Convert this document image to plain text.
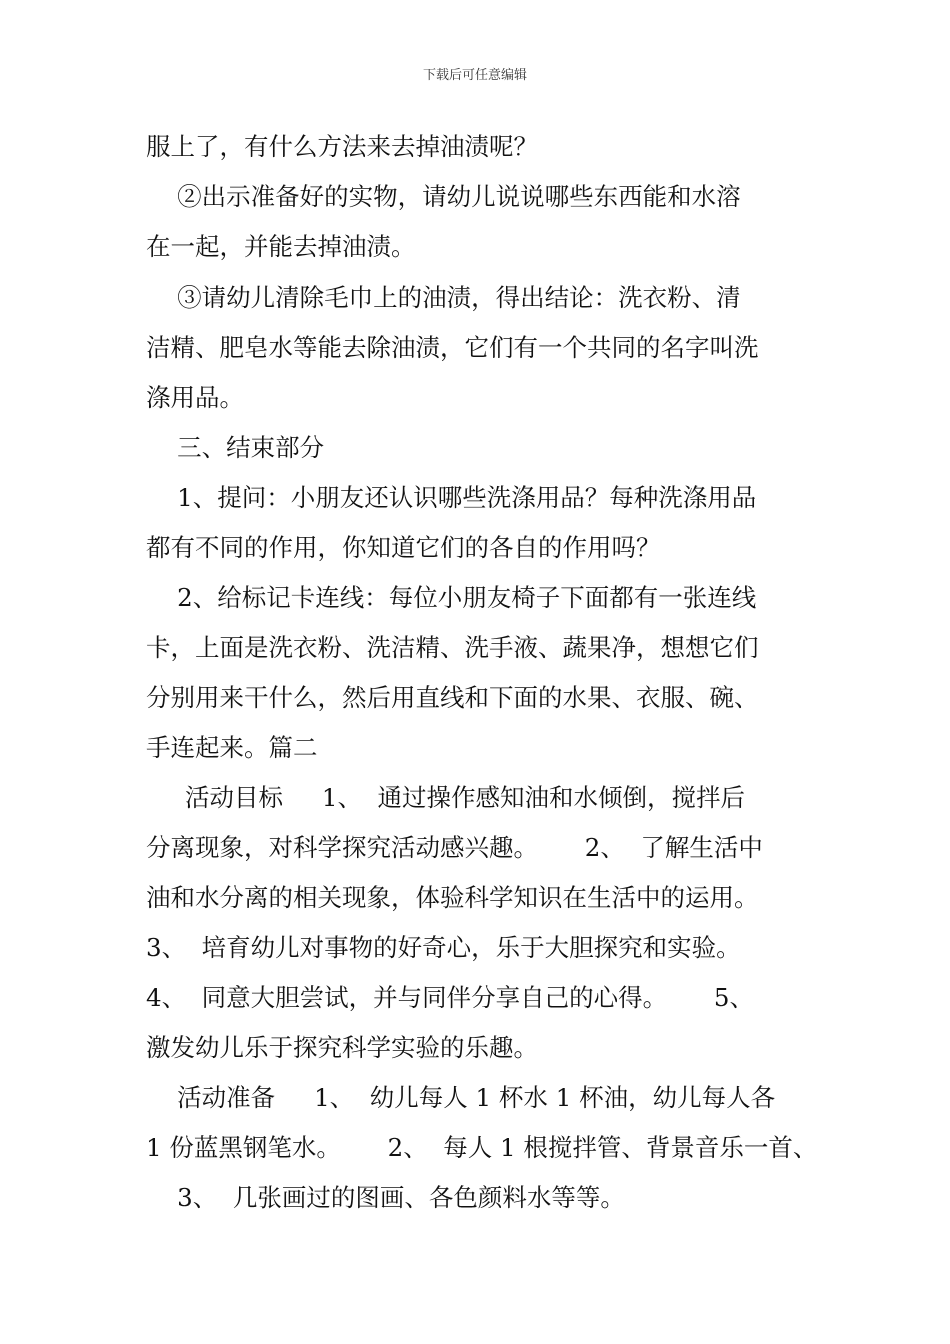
下载后可任意编辑
服上了，有什么方法来去掉油渍呢？
②出示准备好的实物，请幼儿说说哪些东西能和水溶
在一起，并能去掉油渍。
③请幼儿清除毛巾上的油渍，得出结论：洗衣粉、清
洁精、肥皂水等能去除油渍，它们有一个共同的名字叫洗
涤用品。
三、结束部分
1、提问：小朋友还认识哪些洗涤用品？每种洗涤用品
都有不同的作用，你知道它们的各自的作用吗？
2、给标记卡连线：每位小朋友椅子下面都有一张连线
卡，上面是洗衣粉、洗洁精、洗手液、蔬果净，想想它们
分别用来干什么，然后用直线和下面的水果、衣服、碗、
手连起来。篇二
活动目标     1、  通过操作感知油和水倾倒，搅拌后
分离现象，对科学探究活动感兴趣。      2、  了解生活中
油和水分离的相关现象，体验科学知识在生活中的运用。
3、  培育幼儿对事物的好奇心，乐于大胆探究和实验。
4、  同意大胆尝试，并与同伴分享自己的心得。      5、
激发幼儿乐于探究科学实验的乐趣。
活动准备     1、  幼儿每人 1 杯水 1 杯油，幼儿每人各
1 份蓝黑钢笔水。      2、  每人 1 根搅拌管、背景音乐一首、
3、  几张画过的图画、各色颜料水等等。
